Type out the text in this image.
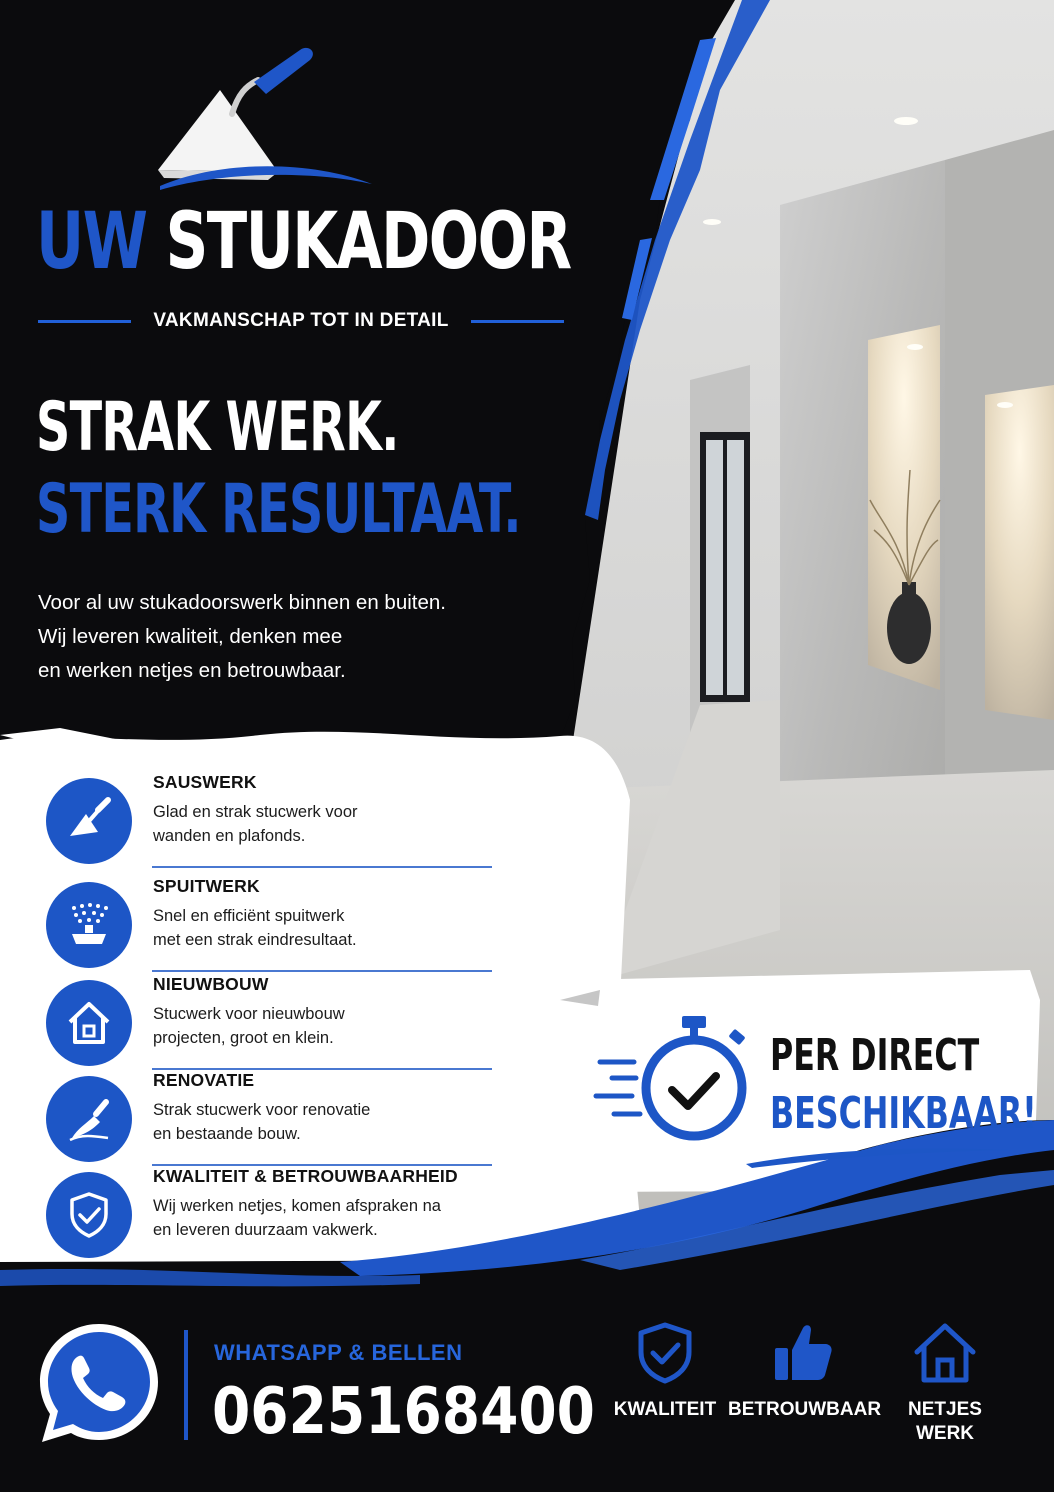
UW STUKADOOR
VAKMANSCHAP TOT IN DETAIL
STRAK WERK.
STERK RESULTAAT.
Voor al uw stukadoorswerk binnen en buiten.
Wij leveren kwaliteit, denken mee
en werken netjes en betrouwbaar.
SAUSWERK
Glad en strak stucwerk voor
wanden en plafonds.
SPUITWERK
Snel en efficiënt spuitwerk
met een strak eindresultaat.
NIEUWBOUW
Stucwerk voor nieuwbouw
projecten, groot en klein.
RENOVATIE
Strak stucwerk voor renovatie
en bestaande bouw.
KWALITEIT & BETROUWBAARHEID
Wij werken netjes, komen afspraken na
en leveren duurzaam vakwerk.
PER DIRECT
BESCHIKBAAR!
WHATSAPP & BELLEN
0625168400 KWALITEIT BETROUWBAAR	NETJES
WERK
